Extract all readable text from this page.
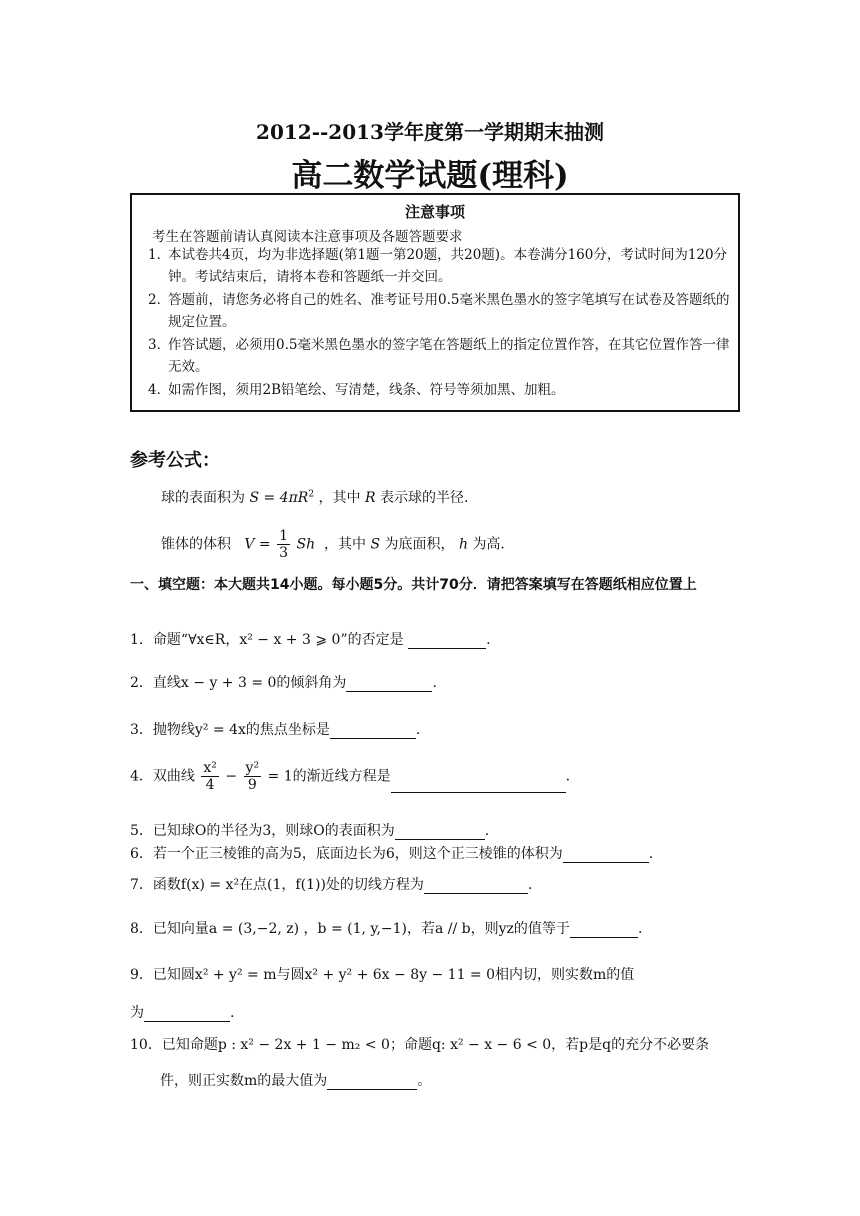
2012--2013学年度第一学期期末抽测
高二数学试题(理科)
注意事项
考生在答题前请认真阅读本注意事项及各题答题要求
1．
本试卷共4页，均为非选择题(第1题一第20题，共20题)。本卷满分160分，考试时间为120分钟。考试结束后，请将本卷和答题纸一并交回。
2．
答题前，请您务必将自己的姓名、准考证号用0.5毫米黑色墨水的签字笔填写在试卷及答题纸的规定位置。
3．
作答试题，必须用0.5毫米黑色墨水的签字笔在答题纸上的指定位置作答，在其它位置作答一律无效。
4．
如需作图，须用2B铅笔绘、写清楚，线条、符号等须加黑、加粗。
参考公式：
球的表面积为 $S = 4\pi R^2$ ，其中 R 表示球的半径.
锥体的体积 $V = \frac{1}{3}$ Sh ，其中 S 为底面积， h 为高.
一、填空题：本大题共14小题。每小题5分。共计70分．请把答案填写在答题纸相应位置上
1．命题“∀x∈R，x² − x + 3 ⩾ 0”的否定是	.
2．直线x − y + 3 = 0的倾斜角为	.
3．抛物线y² = 4x的焦点坐标是	.
4．双曲线 $\frac{\text{x²}}{4} - \frac{\text{y²}}{9} = 1$的渐近线方程是	.
5．已知球O的半径为3，则球O的表面积为	.
6．若一个正三棱锥的高为5，底面边长为6，则这个正三棱锥的体积为	.
7．函数f(x) = x²在点(1，f(1))处的切线方程为	.
8．已知向量a = (3,−2, z) ，b = (1, y,−1)，若a // b，则yz的值等于	.
9．已知圆x² + y² = m与圆x² + y² + 6x − 8y − 11 = 0相内切，则实数m的值
为	.
10．已知命题p : x² − 2x + 1 − m₂ < 0；命题q: x² − x − 6 < 0，若p是q的充分不必要条
件，则正实数m的最大值为	。
